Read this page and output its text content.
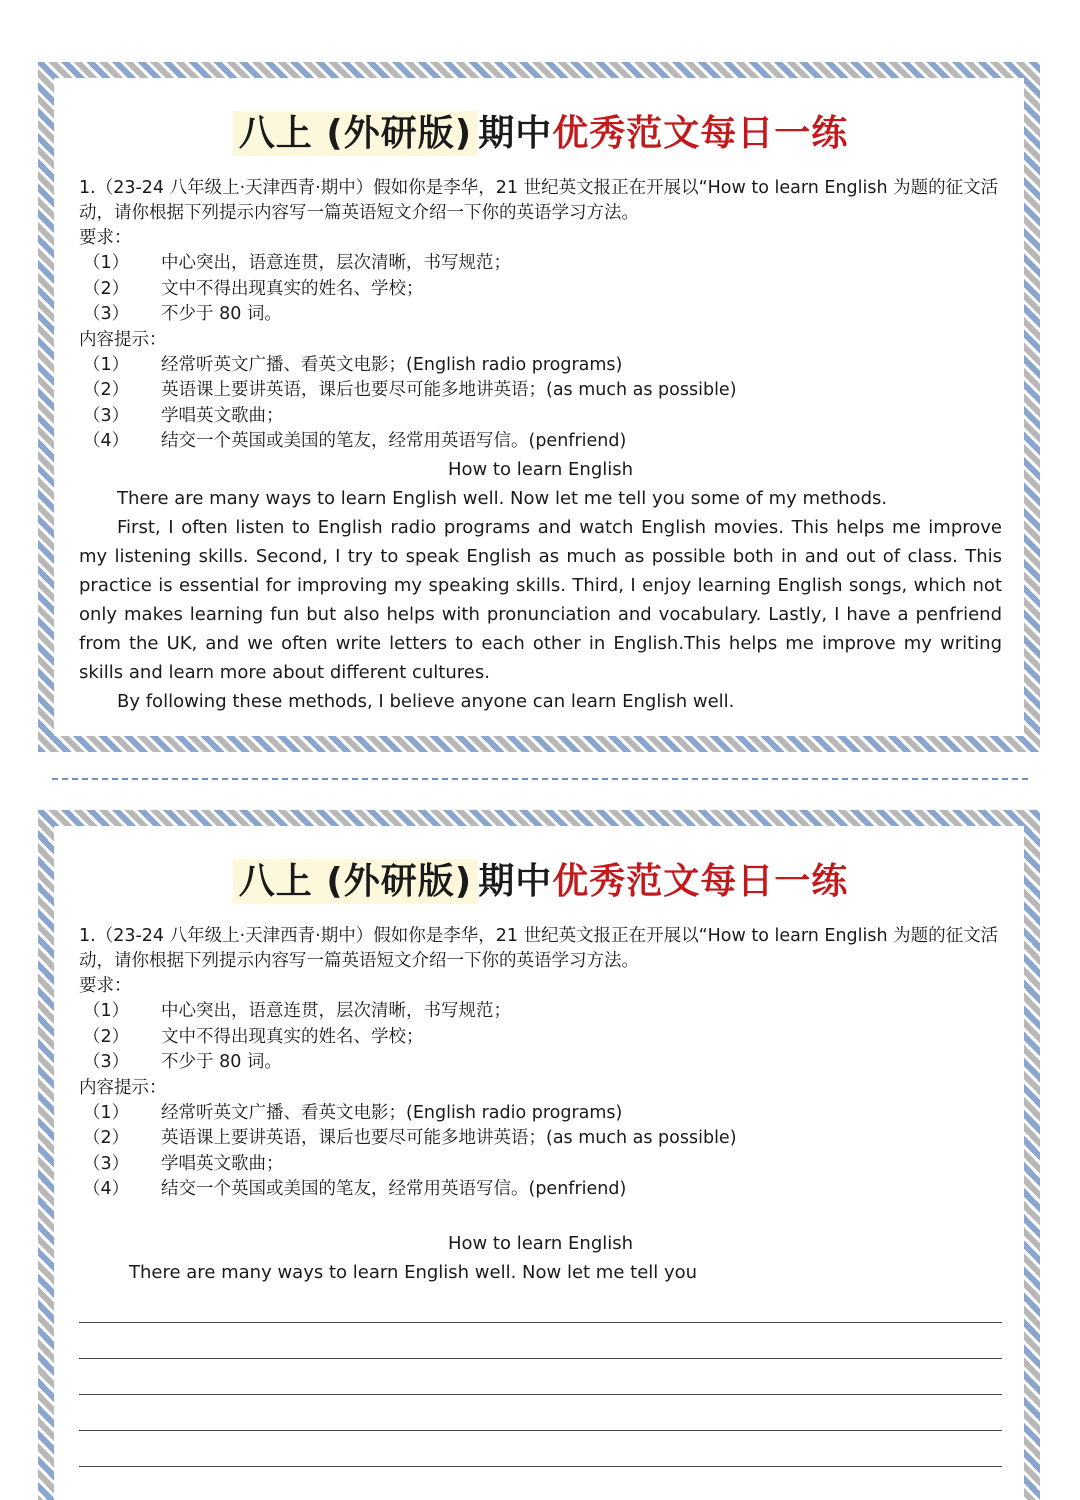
八上 (外研版) 期中优秀范文每日一练

1.（23-24 八年级上·天津西青·期中）假如你是李华，21 世纪英文报正在开展以“How to learn English 为题的征文活动，请你根据下列提示内容写一篇英语短文介绍一下你的英语学习方法。

要求：

（1）	中心突出，语意连贯，层次清晰，书写规范；
（2）	文中不得出现真实的姓名、学校；
（3）	不少于 80 词。

内容提示：

（1）	经常听英文广播、看英文电影；(English radio programs)
（2）	英语课上要讲英语，课后也要尽可能多地讲英语；(as much as possible)
（3）	学唱英文歌曲；
（4）	结交一个英国或美国的笔友，经常用英语写信。(penfriend)
How to learn English

There are many ways to learn English well. Now let me tell you some of my methods.

First, I often listen to English radio programs and watch English movies. This helps me improve my listening skills. Second, I try to speak English as much as possible both in and out of class. This practice is essential for improving my speaking skills. Third, I enjoy learning English songs, which not only makes learning fun but also helps with pronunciation and vocabulary. Lastly, I have a penfriend from the UK, and we often write letters to each other in English.This helps me improve my writing skills and learn more about different cultures.

By following these methods, I believe anyone can learn English well.

八上 (外研版) 期中优秀范文每日一练

1.（23-24 八年级上·天津西青·期中）假如你是李华，21 世纪英文报正在开展以“How to learn English 为题的征文活动，请你根据下列提示内容写一篇英语短文介绍一下你的英语学习方法。

要求：

（1）	中心突出，语意连贯，层次清晰，书写规范；
（2）	文中不得出现真实的姓名、学校；
（3）	不少于 80 词。

内容提示：

（1）	经常听英文广播、看英文电影；(English radio programs)
（2）	英语课上要讲英语，课后也要尽可能多地讲英语；(as much as possible)
（3）	学唱英文歌曲；
（4）	结交一个英国或美国的笔友，经常用英语写信。(penfriend)
How to learn English

There are many ways to learn English well. Now let me tell you
